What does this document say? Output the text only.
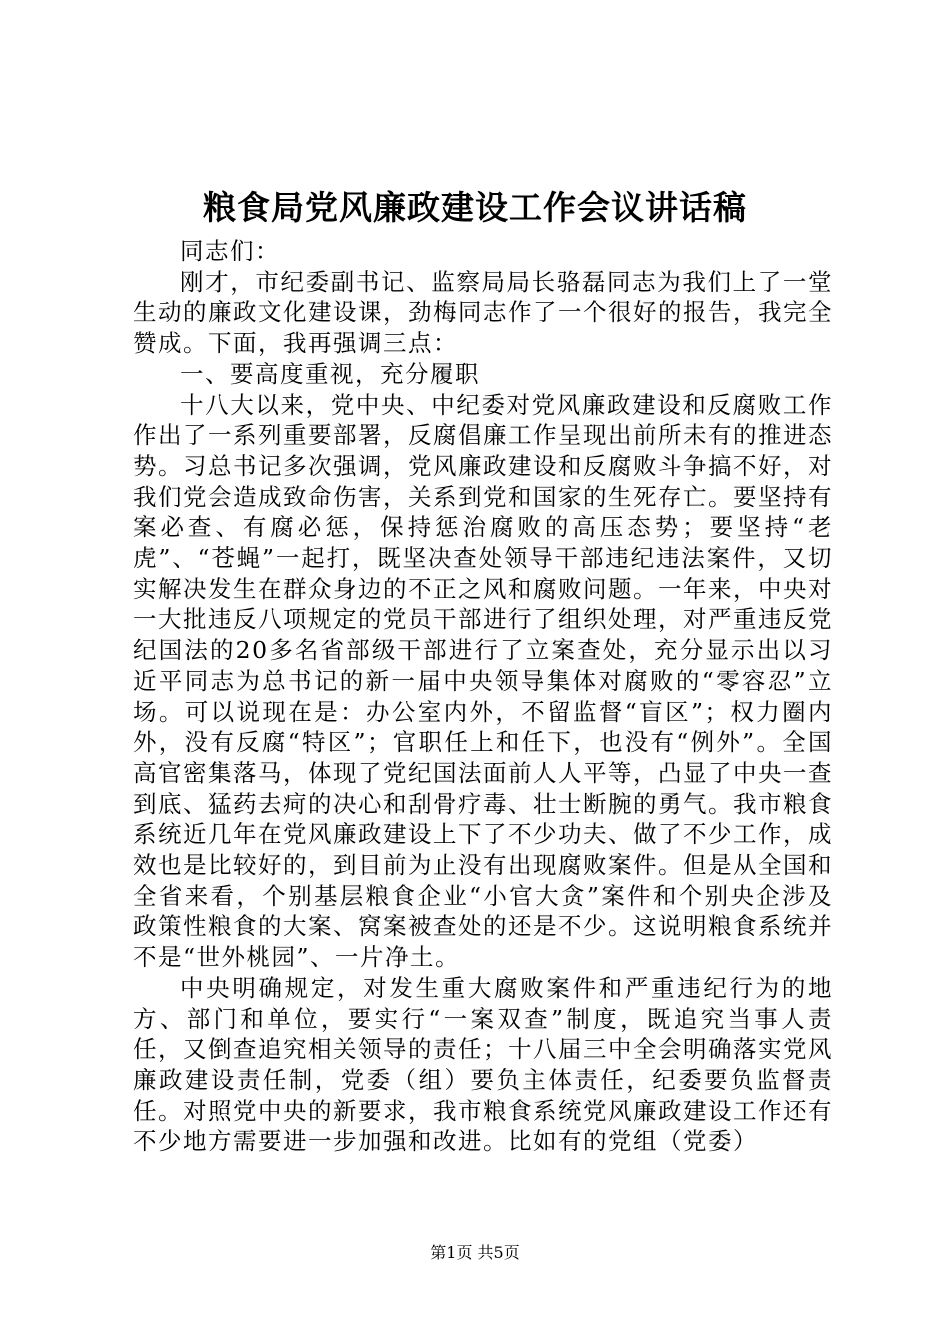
粮食局党风廉政建设工作会议讲话稿

同志们：

刚才，市纪委副书记、监察局局长骆磊同志为我们上了一堂生动的廉政文化建设课，劲梅同志作了一个很好的报告，我完全赞成。下面，我再强调三点：

一、要高度重视，充分履职

十八大以来，党中央、中纪委对党风廉政建设和反腐败工作作出了一系列重要部署，反腐倡廉工作呈现出前所未有的推进态势。习总书记多次强调，党风廉政建设和反腐败斗争搞不好，对我们党会造成致命伤害，关系到党和国家的生死存亡。要坚持有案必查、有腐必惩，保持惩治腐败的高压态势；要坚持“老虎”、“苍蝇”一起打，既坚决查处领导干部违纪违法案件，又切实解决发生在群众身边的不正之风和腐败问题。一年来，中央对一大批违反八项规定的党员干部进行了组织处理，对严重违反党纪国法的20多名省部级干部进行了立案查处，充分显示出以习近平同志为总书记的新一届中央领导集体对腐败的“零容忍”立场。可以说现在是：办公室内外，不留监督“盲区”；权力圈内外，没有反腐“特区”；官职任上和任下，也没有“例外”。全国高官密集落马，体现了党纪国法面前人人平等，凸显了中央一查到底、猛药去疴的决心和刮骨疗毒、壮士断腕的勇气。我市粮食系统近几年在党风廉政建设上下了不少功夫、做了不少工作，成效也是比较好的，到目前为止没有出现腐败案件。但是从全国和全省来看，个别基层粮食企业“小官大贪”案件和个别央企涉及政策性粮食的大案、窝案被查处的还是不少。这说明粮食系统并不是“世外桃园”、一片净土。

中央明确规定，对发生重大腐败案件和严重违纪行为的地方、部门和单位，要实行“一案双查”制度，既追究当事人责任，又倒查追究相关领导的责任；十八届三中全会明确落实党风廉政建设责任制，党委（组）要负主体责任，纪委要负监督责任。对照党中央的新要求，我市粮食系统党风廉政建设工作还有不少地方需要进一步加强和改进。比如有的党组（党委）

第1页 共5页
